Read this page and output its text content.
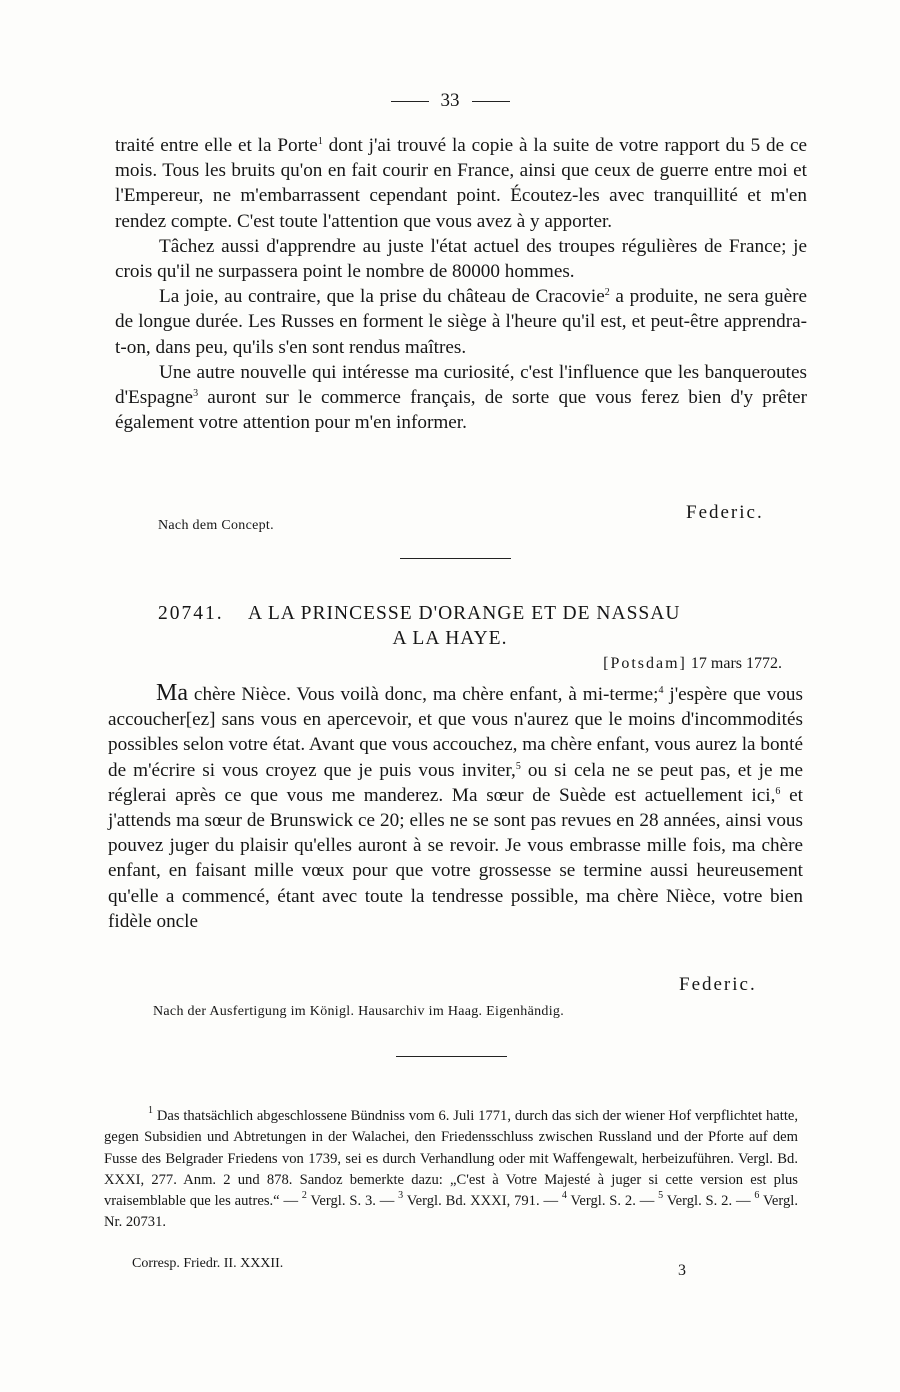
33

traité entre elle et la Porte$^1$ dont j'ai trouvé la copie à la suite de votre rapport du 5 de ce mois. Tous les bruits qu'on en fait courir en France, ainsi que ceux de guerre entre moi et l'Empereur, ne m'embarrassent cependant point. Écoutez-les avec tranquillité et m'en rendez compte. C'est toute l'attention que vous avez à y apporter.

Tâchez aussi d'apprendre au juste l'état actuel des troupes régulières de France; je crois qu'il ne surpassera point le nombre de 80000 hommes.

La joie, au contraire, que la prise du château de Cracovie$^2$ a produite, ne sera guère de longue durée. Les Russes en forment le siège à l'heure qu'il est, et peut-être apprendra-t-on, dans peu, qu'ils s'en sont rendus maîtres.

Une autre nouvelle qui intéresse ma curiosité, c'est l'influence que les banqueroutes d'Espagne$^3$ auront sur le commerce français, de sorte que vous ferez bien d'y prêter également votre attention pour m'en informer.

Federic.
Nach dem Concept.
20741. A LA PRINCESSE D'ORANGE ET DE NASSAU
A LA HAYE.
[Potsdam] 17 mars 1772.

Ma chère Nièce. Vous voilà donc, ma chère enfant, à mi-terme;$^4$ j'espère que vous accoucher[ez] sans vous en apercevoir, et que vous n'aurez que le moins d'incommodités possibles selon votre état. Avant que vous accouchez, ma chère enfant, vous aurez la bonté de m'écrire si vous croyez que je puis vous inviter,$^5$ ou si cela ne se peut pas, et je me réglerai après ce que vous me manderez. Ma sœur de Suède est actuellement ici,$^6$ et j'attends ma sœur de Brunswick ce 20; elles ne se sont pas revues en 28 années, ainsi vous pouvez juger du plaisir qu'elles auront à se revoir. Je vous embrasse mille fois, ma chère enfant, en faisant mille vœux pour que votre grossesse se termine aussi heureusement qu'elle a commencé, étant avec toute la tendresse possible, ma chère Nièce, votre bien fidèle oncle

Federic.
Nach der Ausfertigung im Königl. Hausarchiv im Haag. Eigenhändig.

$^1$ Das thatsächlich abgeschlossene Bündniss vom 6. Juli 1771, durch das sich der wiener Hof verpflichtet hatte, gegen Subsidien und Abtretungen in der Walachei, den Friedensschluss zwischen Russland und der Pforte auf dem Fusse des Belgrader Friedens von 1739, sei es durch Verhandlung oder mit Waffengewalt, herbeizuführen. Vergl. Bd. XXXI, 277. Anm. 2 und 878. Sandoz bemerkte dazu: „C'est à Votre Majesté à juger si cette version est plus vraisemblable que les autres.“ — $^2$ Vergl. S. 3. — $^3$ Vergl. Bd. XXXI, 791. — $^4$ Vergl. S. 2. — $^5$ Vergl. S. 2. — $^6$ Vergl. Nr. 20731.

Corresp. Friedr. II. XXXII.	3
